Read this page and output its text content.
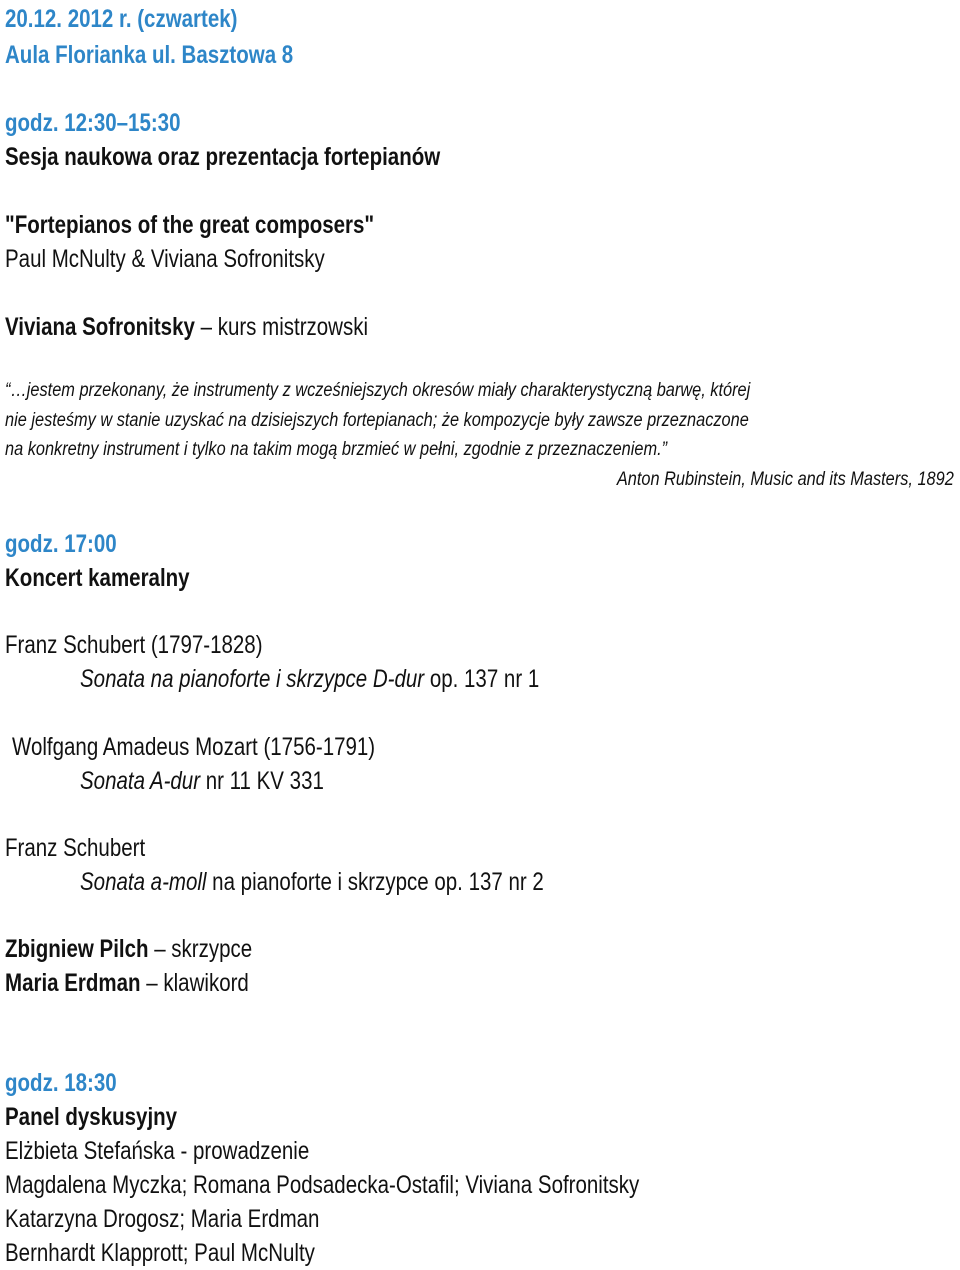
20.12. 2012 r. (czwartek)
Aula Florianka ul. Basztowa 8
godz. 12:30–15:30
Sesja naukowa oraz prezentacja fortepianów
"Fortepianos of the great composers"
Paul McNulty & Viviana Sofronitsky
Viviana Sofronitsky – kurs mistrzowski
“…jestem przekonany, że instrumenty z wcześniejszych okresów miały charakterystyczną barwę, której
nie jesteśmy w stanie uzyskać na dzisiejszych fortepianach; że kompozycje były zawsze przeznaczone
na konkretny instrument i tylko na takim mogą brzmieć w pełni, zgodnie z przeznaczeniem.”
Anton Rubinstein, Music and its Masters, 1892
godz. 17:00
Koncert kameralny
Franz Schubert (1797-1828)
Sonata na pianoforte i skrzypce D-dur op. 137 nr 1
Wolfgang Amadeus Mozart (1756-1791)
Sonata A-dur nr 11 KV 331
Franz Schubert
Sonata a-moll na pianoforte i skrzypce op. 137 nr 2
Zbigniew Pilch – skrzypce
Maria Erdman – klawikord
godz. 18:30
Panel dyskusyjny
Elżbieta Stefańska - prowadzenie
Magdalena Myczka; Romana Podsadecka-Ostafil; Viviana Sofronitsky
Katarzyna Drogosz; Maria Erdman
Bernhardt Klapprott; Paul McNulty
